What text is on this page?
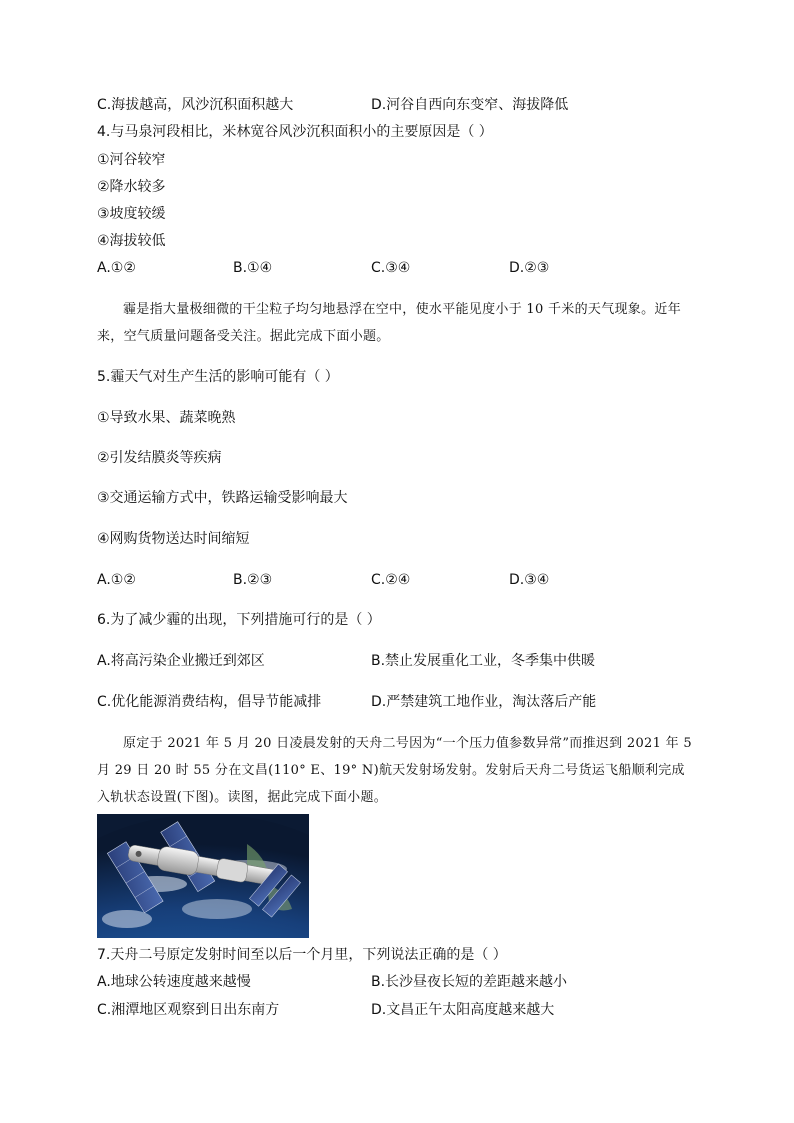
C.海拔越高，风沙沉积面积越大	D.河谷自西向东变窄、海拔降低
4.与马泉河段相比，米林宽谷风沙沉积面积小的主要原因是（ ）
①河谷较窄
②降水较多
③坡度较缓
④海拔较低
A.①②	B.①④	C.③④	D.②③
霾是指大量极细微的干尘粒子均匀地悬浮在空中，使水平能见度小于 10 千米的天气现象。近年来，空气质量问题备受关注。据此完成下面小题。
5.霾天气对生产生活的影响可能有（ ）
①导致水果、蔬菜晚熟
②引发结膜炎等疾病
③交通运输方式中，铁路运输受影响最大
④网购货物送达时间缩短
A.①②	B.②③	C.②④	D.③④
6.为了减少霾的出现，下列措施可行的是（ ）
A.将高污染企业搬迁到郊区	B.禁止发展重化工业，冬季集中供暖
C.优化能源消费结构，倡导节能减排	D.严禁建筑工地作业，淘汰落后产能
原定于 2021 年 5 月 20 日凌晨发射的天舟二号因为“一个压力值参数异常”而推迟到 2021 年 5 月 29 日 20 时 55 分在文昌(110° E、19° N)航天发射场发射。发射后天舟二号货运飞船顺利完成入轨状态设置(下图)。读图，据此完成下面小题。
7.天舟二号原定发射时间至以后一个月里，下列说法正确的是（ ）
A.地球公转速度越来越慢	B.长沙昼夜长短的差距越来越小
C.湘潭地区观察到日出东南方	D.文昌正午太阳高度越来越大
